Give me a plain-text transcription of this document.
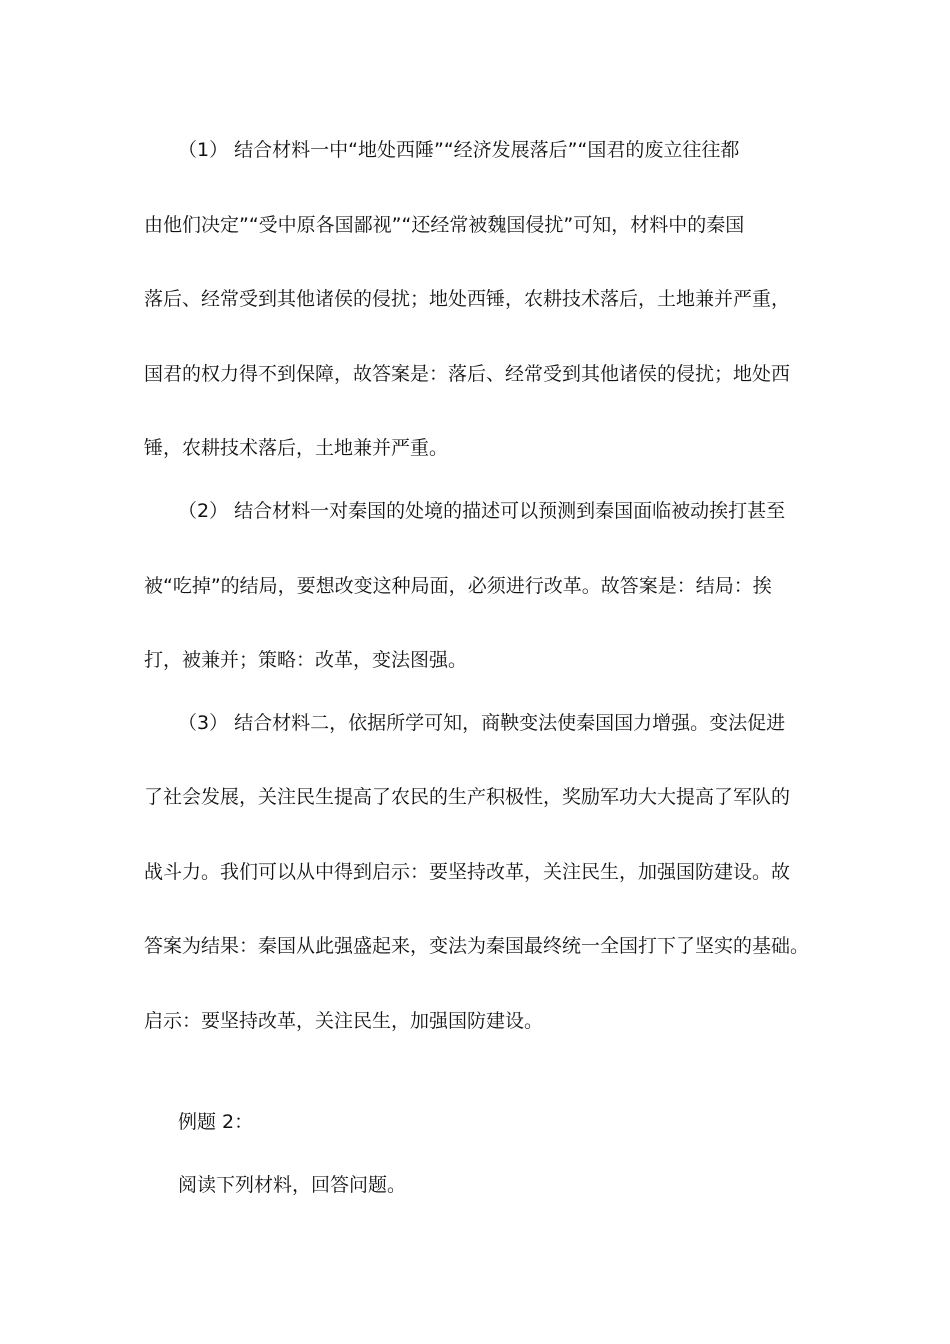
（1） 结合材料一中“地处西陲”“经济发展落后”“国君的废立往往都
由他们决定”“受中原各国鄙视”“还经常被魏国侵扰”可知，材料中的秦国
落后、经常受到其他诸侯的侵扰；地处西锤，农耕技术落后，土地兼并严重，
国君的权力得不到保障，故答案是：落后、经常受到其他诸侯的侵扰；地处西
锤，农耕技术落后，土地兼并严重。
（2） 结合材料一对秦国的处境的描述可以预测到秦国面临被动挨打甚至
被“吃掉”的结局，要想改变这种局面，必须进行改革。故答案是：结局：挨
打，被兼并；策略：改革，变法图强。
（3） 结合材料二，依据所学可知，商鞅变法使秦国国力增强。变法促进
了社会发展，关注民生提高了农民的生产积极性，奖励军功大大提高了军队的
战斗力。我们可以从中得到启示：要坚持改革，关注民生，加强国防建设。故
答案为结果：秦国从此强盛起来，变法为秦国最终统一全国打下了坚实的基础。
启示：要坚持改革，关注民生，加强国防建设。
例题 2：
阅读下列材料，回答问题。
